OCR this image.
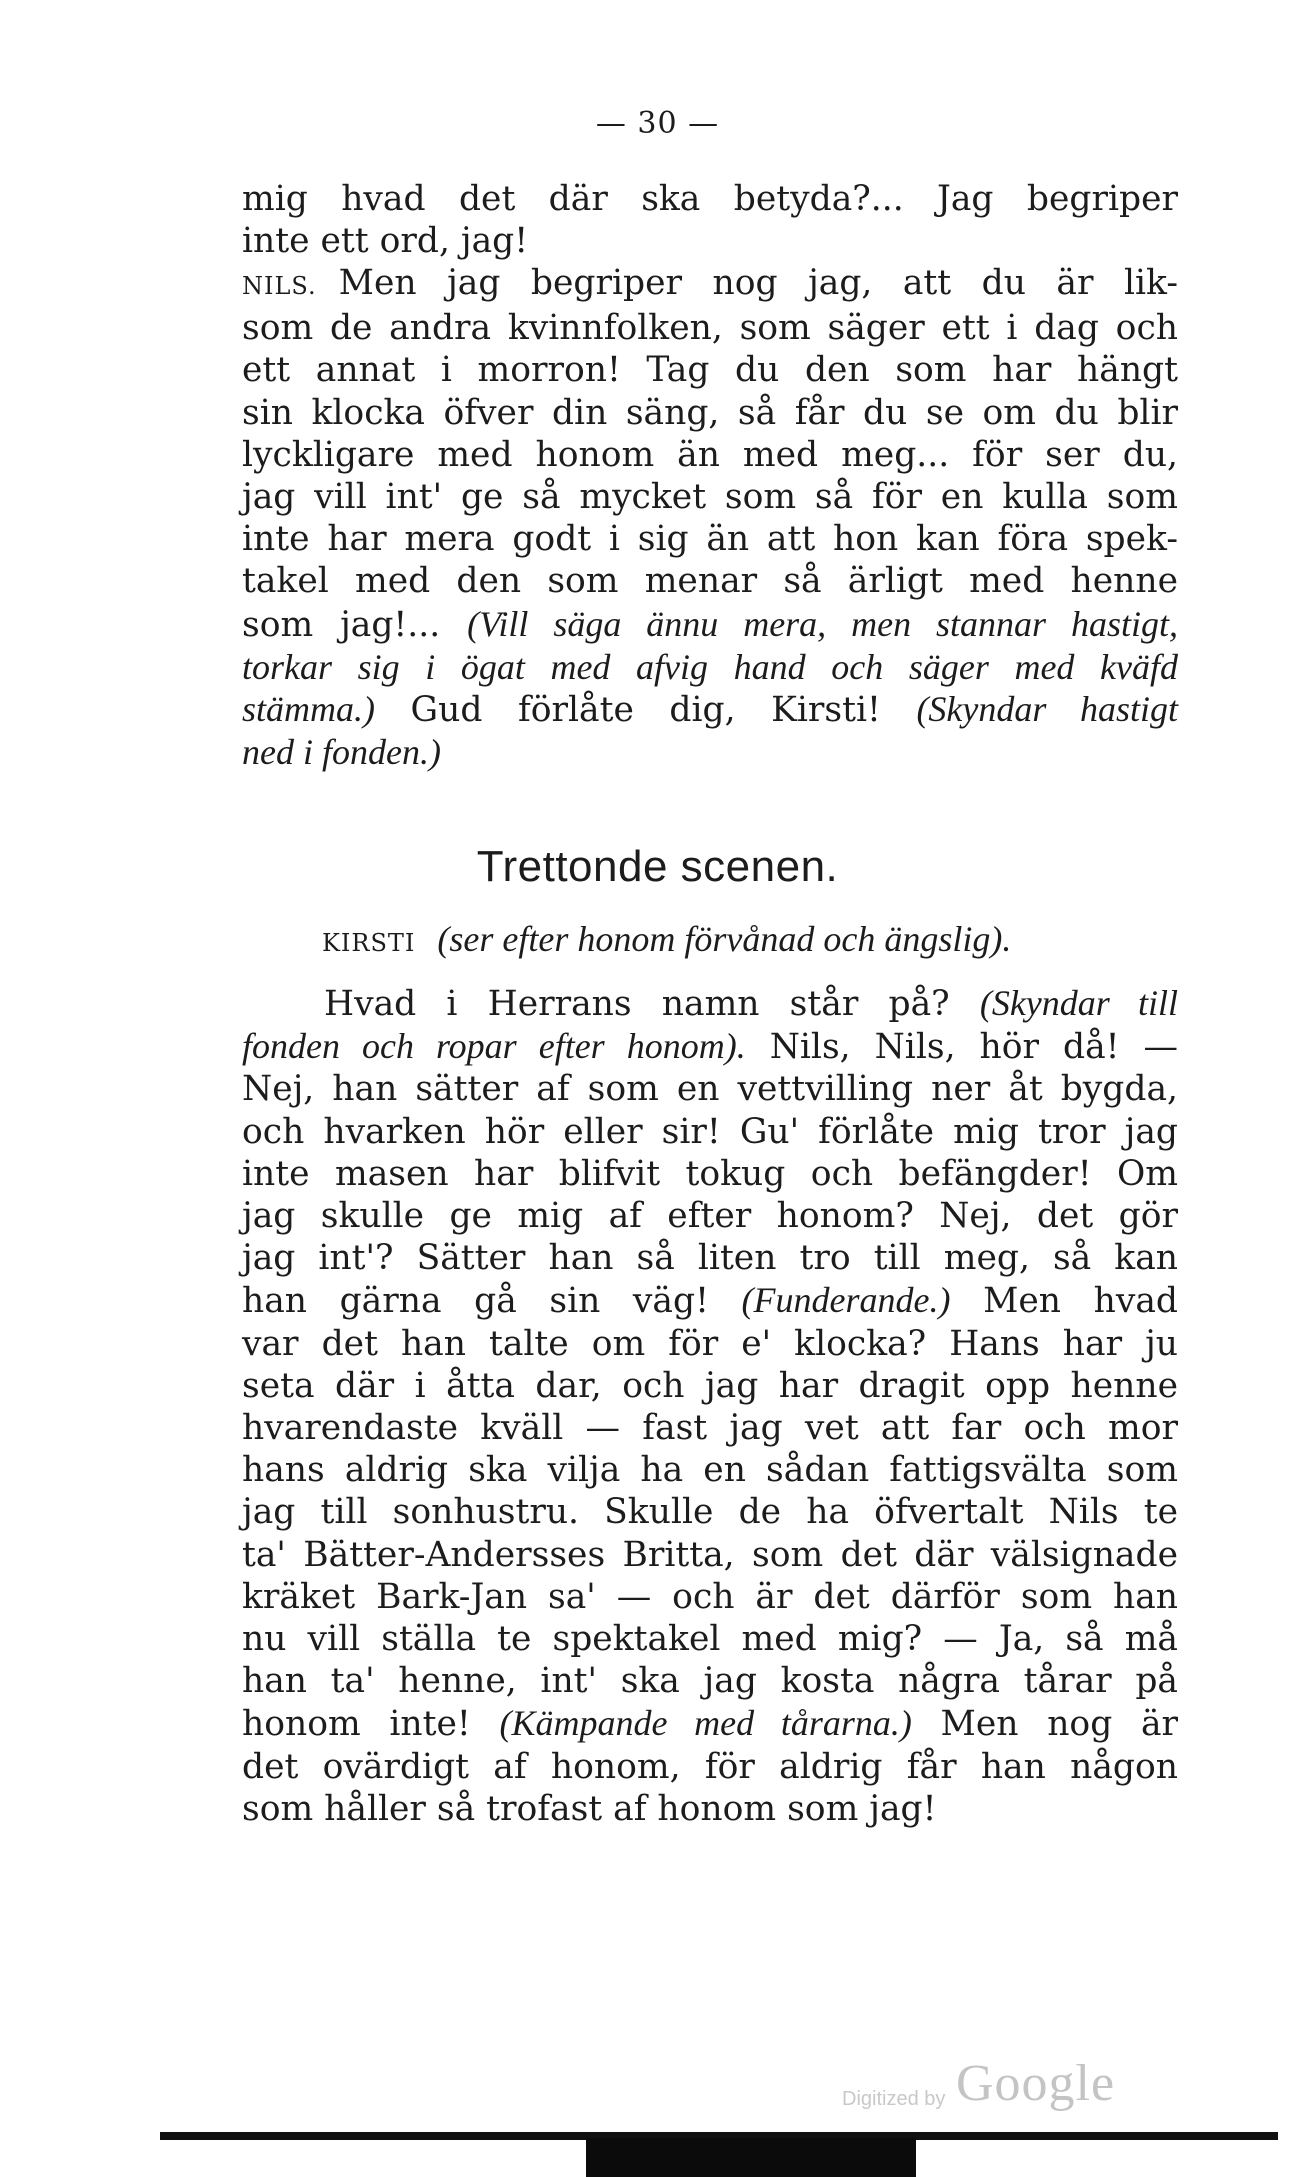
— 30 —
mig hvad det där ska betyda?... Jag begriper
inte ett ord, jag!
NILS. Men jag begriper nog jag, att du är lik-
som de andra kvinnfolken, som säger ett i dag och
ett annat i morron! Tag du den som har hängt
sin klocka öfver din säng, så får du se om du blir
lyckligare med honom än med meg... för ser du,
jag vill int' ge så mycket som så för en kulla som
inte har mera godt i sig än att hon kan föra spek-
takel med den som menar så ärligt med henne
som jag!... (Vill säga ännu mera, men stannar hastigt,
torkar sig i ögat med afvig hand och säger med kväfd
stämma.) Gud förlåte dig, Kirsti! (Skyndar hastigt
ned i fonden.)
Trettonde scenen.
KIRSTI (ser efter honom förvånad och ängslig).
Hvad i Herrans namn står på? (Skyndar till
fonden och ropar efter honom). Nils, Nils, hör då! —
Nej, han sätter af som en vettvilling ner åt bygda,
och hvarken hör eller sir! Gu' förlåte mig tror jag
inte masen har blifvit tokug och befängder! Om
jag skulle ge mig af efter honom? Nej, det gör
jag int'? Sätter han så liten tro till meg, så kan
han gärna gå sin väg! (Funderande.) Men hvad
var det han talte om för e' klocka? Hans har ju
seta där i åtta dar, och jag har dragit opp henne
hvarendaste kväll — fast jag vet att far och mor
hans aldrig ska vilja ha en sådan fattigsvälta som
jag till sonhustru. Skulle de ha öfvertalt Nils te
ta' Bätter-Andersses Britta, som det där välsignade
kräket Bark-Jan sa' — och är det därför som han
nu vill ställa te spektakel med mig? — Ja, så må
han ta' henne, int' ska jag kosta några tårar på
honom inte! (Kämpande med tårarna.) Men nog är
det ovärdigt af honom, för aldrig får han någon
som håller så trofast af honom som jag!
Digitized by Google
